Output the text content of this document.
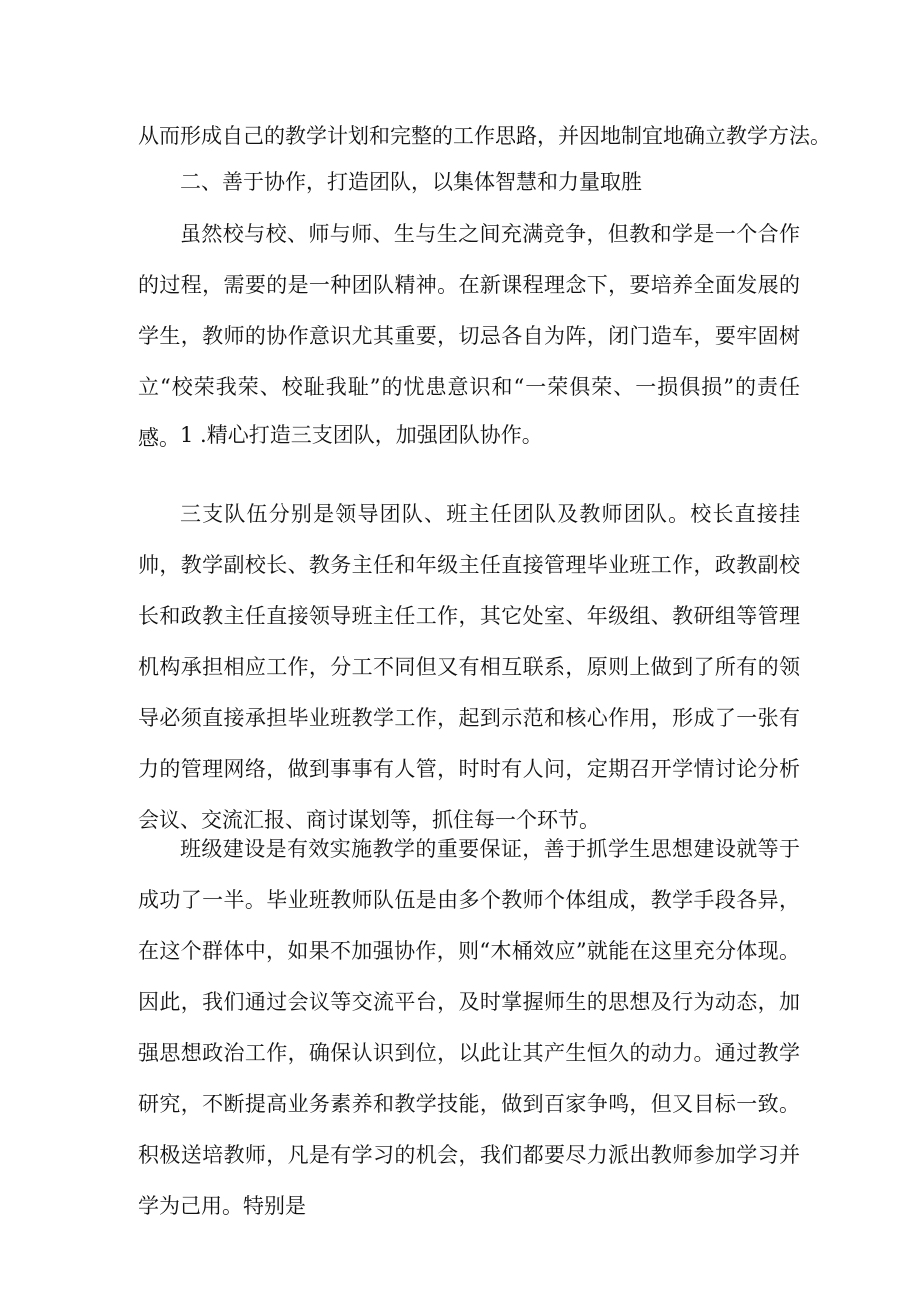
从而形成自己的教学计划和完整的工作思路，并因地制宜地确立教学方法。

二、善于协作，打造团队，以集体智慧和力量取胜

虽然校与校、师与师、生与生之间充满竞争，但教和学是一个合作的过程，需要的是一种团队精神。在新课程理念下，要培养全面发展的学生，教师的协作意识尤其重要，切忌各自为阵，闭门造车，要牢固树立“校荣我荣、校耻我耻”的忧患意识和“一荣俱荣、一损俱损”的责任感。 1 .精心打造三支团队，加强团队协作。

三支队伍分别是领导团队、班主任团队及教师团队。校长直接挂帅，教学副校长、教务主任和年级主任直接管理毕业班工作，政教副校长和政教主任直接领导班主任工作，其它处室、年级组、教研组等管理机构承担相应工作，分工不同但又有相互联系，原则上做到了所有的领导必须直接承担毕业班教学工作，起到示范和核心作用，形成了一张有力的管理网络，做到事事有人管，时时有人问，定期召开学情讨论分析会议、交流汇报、商讨谋划等，抓住每一个环节。

班级建设是有效实施教学的重要保证，善于抓学生思想建设就等于成功了一半。毕业班教师队伍是由多个教师个体组成，教学手段各异，在这个群体中，如果不加强协作，则“木桶效应”就能在这里充分体现。因此，我们通过会议等交流平台，及时掌握师生的思想及行为动态，加强思想政治工作，确保认识到位，以此让其产生恒久的动力。通过教学研究，不断提高业务素养和教学技能，做到百家争鸣，但又目标一致。积极送培教师，凡是有学习的机会，我们都要尽力派出教师参加学习并学为己用。特别是
